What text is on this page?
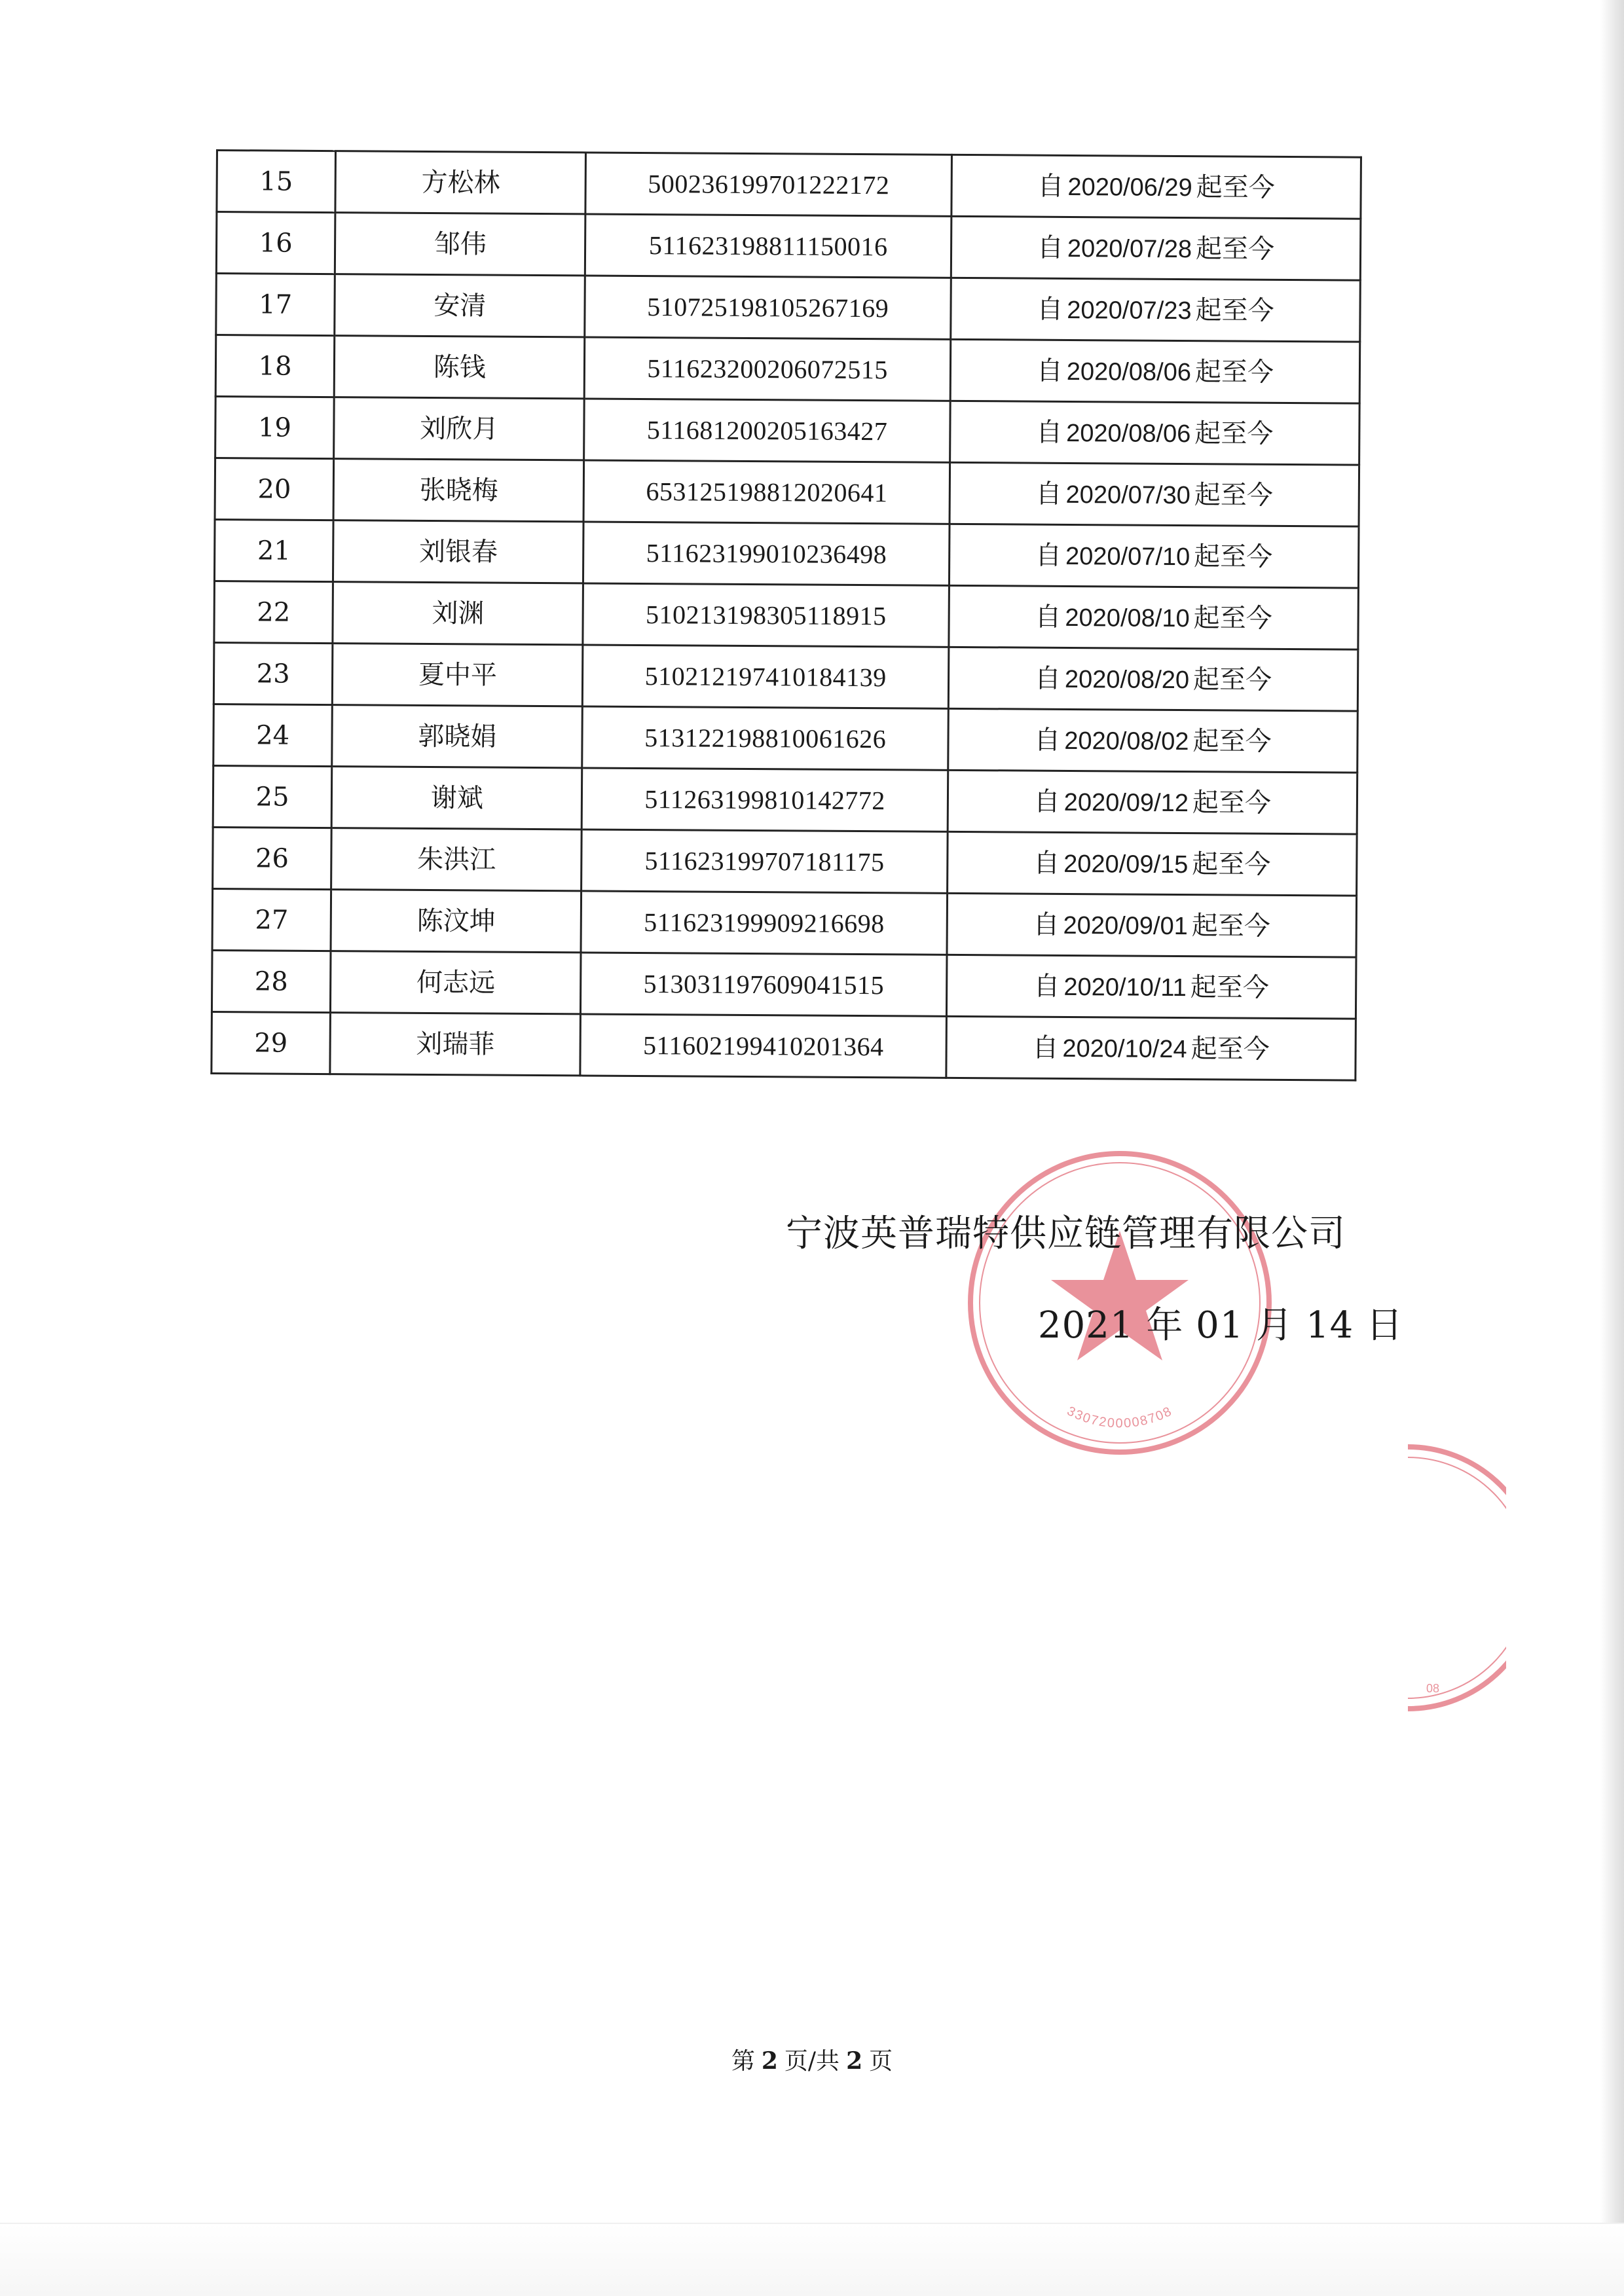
15	方松林	500236199701222172	自 2020/06/29 起至今
16	邹伟	511623198811150016	自 2020/07/28 起至今
17	安清	510725198105267169	自 2020/07/23 起至今
18	陈钱	511623200206072515	自 2020/08/06 起至今
19	刘欣月	511681200205163427	自 2020/08/06 起至今
20	张晓梅	653125198812020641	自 2020/07/30 起至今
21	刘银春	511623199010236498	自 2020/07/10 起至今
22	刘渊	510213198305118915	自 2020/08/10 起至今
23	夏中平	510212197410184139	自 2020/08/20 起至今
24	郭晓娟	513122198810061626	自 2020/08/02 起至今
25	谢斌	511263199810142772	自 2020/09/12 起至今
26	朱洪江	511623199707181175	自 2020/09/15 起至今
27	陈汶坤	511623199909216698	自 2020/09/01 起至今
28	何志远	513031197609041515	自 2020/10/11 起至今
29	刘瑞菲	511602199410201364	自 2020/10/24 起至今
3307200008708
08
宁波英普瑞特供应链管理有限公司
2021 年 01 月 14 日
第 2 页/共 2 页
